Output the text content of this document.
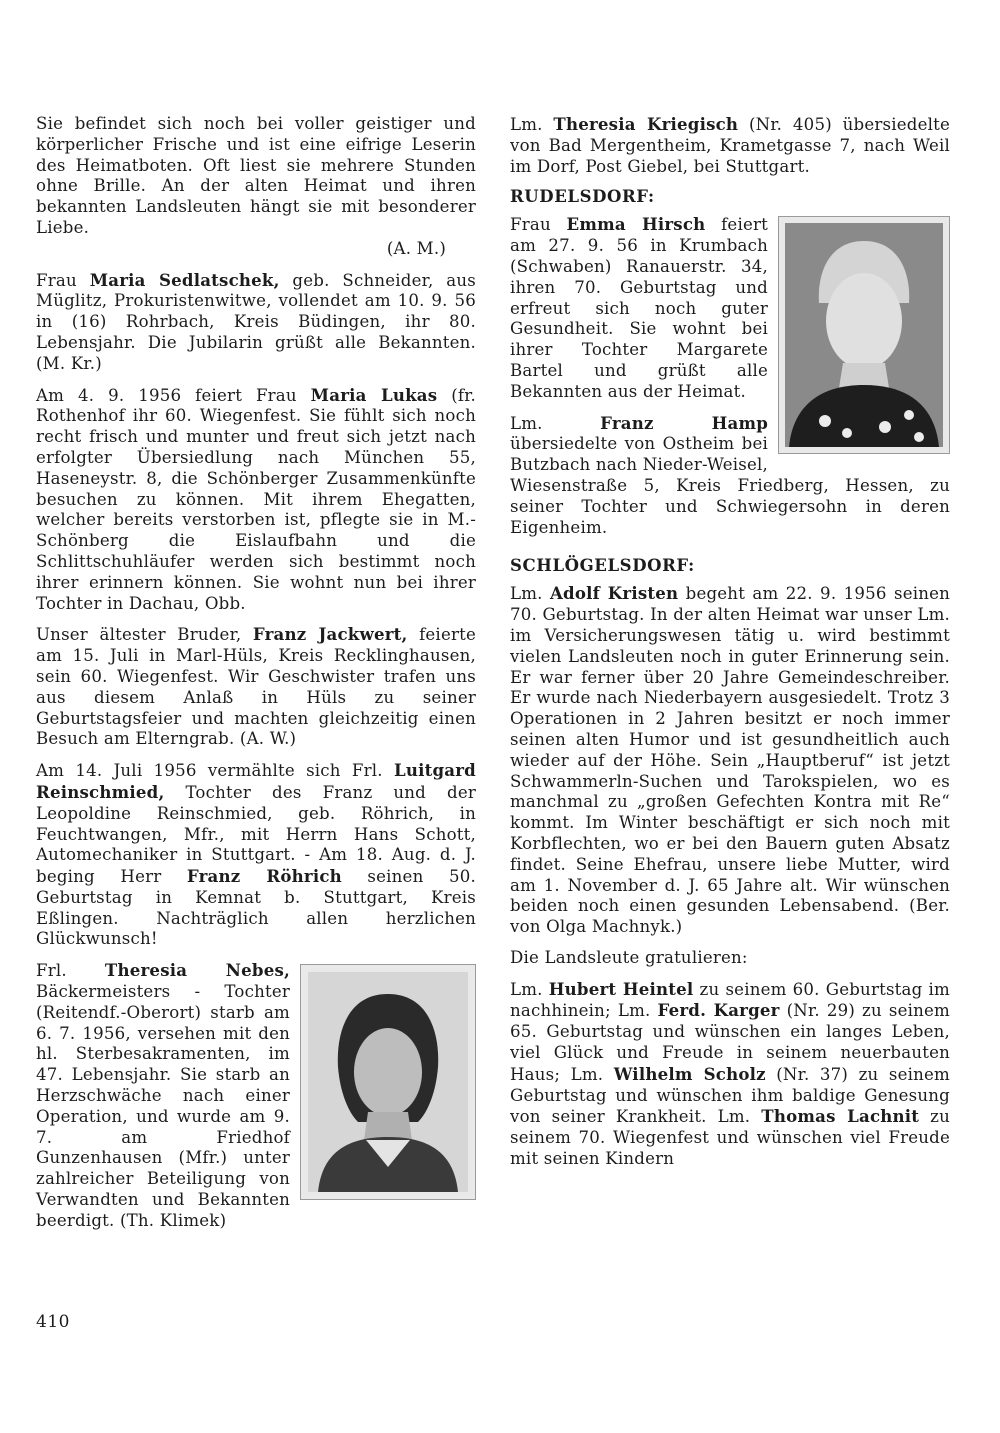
Sie befindet sich noch bei voller geistiger und körperlicher Frische und ist eine eifrige Leserin des Heimatboten. Oft liest sie mehrere Stunden ohne Brille. An der alten Heimat und ihren bekannten Landsleuten hängt sie mit besonderer Liebe.

(A. M.)

Frau Maria Sedlatschek, geb. Schneider, aus Müglitz, Prokuristenwitwe, vollendet am 10. 9. 56 in (16) Rohrbach, Kreis Büdingen, ihr 80. Lebensjahr. Die Jubilarin grüßt alle Bekannten. (M. Kr.)

Am 4. 9. 1956 feiert Frau Maria Lukas (fr. Rothenhof ihr 60. Wiegenfest. Sie fühlt sich noch recht frisch und munter und freut sich jetzt nach erfolgter Übersiedlung nach München 55, Haseneystr. 8, die Schönberger Zusammenkünfte besuchen zu können. Mit ihrem Ehegatten, welcher bereits verstorben ist, pflegte sie in M.-Schönberg die Eislaufbahn und die Schlittschuhläufer werden sich bestimmt noch ihrer erinnern können. Sie wohnt nun bei ihrer Tochter in Dachau, Obb.

Unser ältester Bruder, Franz Jackwert, feierte am 15. Juli in Marl-Hüls, Kreis Recklinghausen, sein 60. Wiegenfest. Wir Geschwister trafen uns aus diesem Anlaß in Hüls zu seiner Geburtstagsfeier und machten gleichzeitig einen Besuch am Elterngrab. (A. W.)

Am 14. Juli 1956 vermählte sich Frl. Luitgard Reinschmied, Tochter des Franz und der Leopoldine Reinschmied, geb. Röhrich, in Feuchtwangen, Mfr., mit Herrn Hans Schott, Automechaniker in Stuttgart. - Am 18. Aug. d. J. beging Herr Franz Röhrich seinen 50. Geburtstag in Kemnat b. Stuttgart, Kreis Eßlingen. Nachträglich allen herzlichen Glückwunsch!

Frl. Theresia Nebes, Bäckermeisters - Tochter (Reitendf.-Oberort) starb am 6. 7. 1956, versehen mit den hl. Sterbesakramenten, im 47. Lebensjahr. Sie starb an Herzschwäche nach einer Operation, und wurde am 9. 7. am Friedhof Gunzenhausen (Mfr.) unter zahlreicher Beteiligung von Verwandten und Bekannten beerdigt. (Th. Klimek)

Lm. Theresia Kriegisch (Nr. 405) übersiedelte von Bad Mergentheim, Krametgasse 7, nach Weil im Dorf, Post Giebel, bei Stuttgart.

RUDELSDORF:

Frau Emma Hirsch feiert am 27. 9. 56 in Krumbach (Schwaben) Ranauerstr. 34, ihren 70. Geburtstag und erfreut sich noch guter Gesundheit. Sie wohnt bei ihrer Tochter Margarete Bartel und grüßt alle Bekannten aus der Heimat.

Lm. Franz Hamp übersiedelte von Ostheim bei Butzbach nach Nieder-Weisel, Wiesenstraße 5, Kreis Friedberg, Hessen, zu seiner Tochter und Schwiegersohn in deren Eigenheim.

SCHLÖGELSDORF:

Lm. Adolf Kristen begeht am 22. 9. 1956 seinen 70. Geburtstag. In der alten Heimat war unser Lm. im Versicherungswesen tätig u. wird bestimmt vielen Landsleuten noch in guter Erinnerung sein. Er war ferner über 20 Jahre Gemeindeschreiber. Er wurde nach Niederbayern ausgesiedelt. Trotz 3 Operationen in 2 Jahren besitzt er noch immer seinen alten Humor und ist gesundheitlich auch wieder auf der Höhe. Sein „Hauptberuf“ ist jetzt Schwammerln-Suchen und Tarokspielen, wo es manchmal zu „großen Gefechten Kontra mit Re“ kommt. Im Winter beschäftigt er sich noch mit Korbflechten, wo er bei den Bauern guten Absatz findet. Seine Ehefrau, unsere liebe Mutter, wird am 1. November d. J. 65 Jahre alt. Wir wünschen beiden noch einen gesunden Lebensabend. (Ber. von Olga Machnyk.)

Die Landsleute gratulieren:

Lm. Hubert Heintel zu seinem 60. Geburtstag im nachhinein; Lm. Ferd. Karger (Nr. 29) zu seinem 65. Geburtstag und wünschen ein langes Leben, viel Glück und Freude in seinem neuerbauten Haus; Lm. Wilhelm Scholz (Nr. 37) zu seinem Geburtstag und wünschen ihm baldige Genesung von seiner Krankheit. Lm. Thomas Lachnit zu seinem 70. Wiegenfest und wünschen viel Freude mit seinen Kindern

410
